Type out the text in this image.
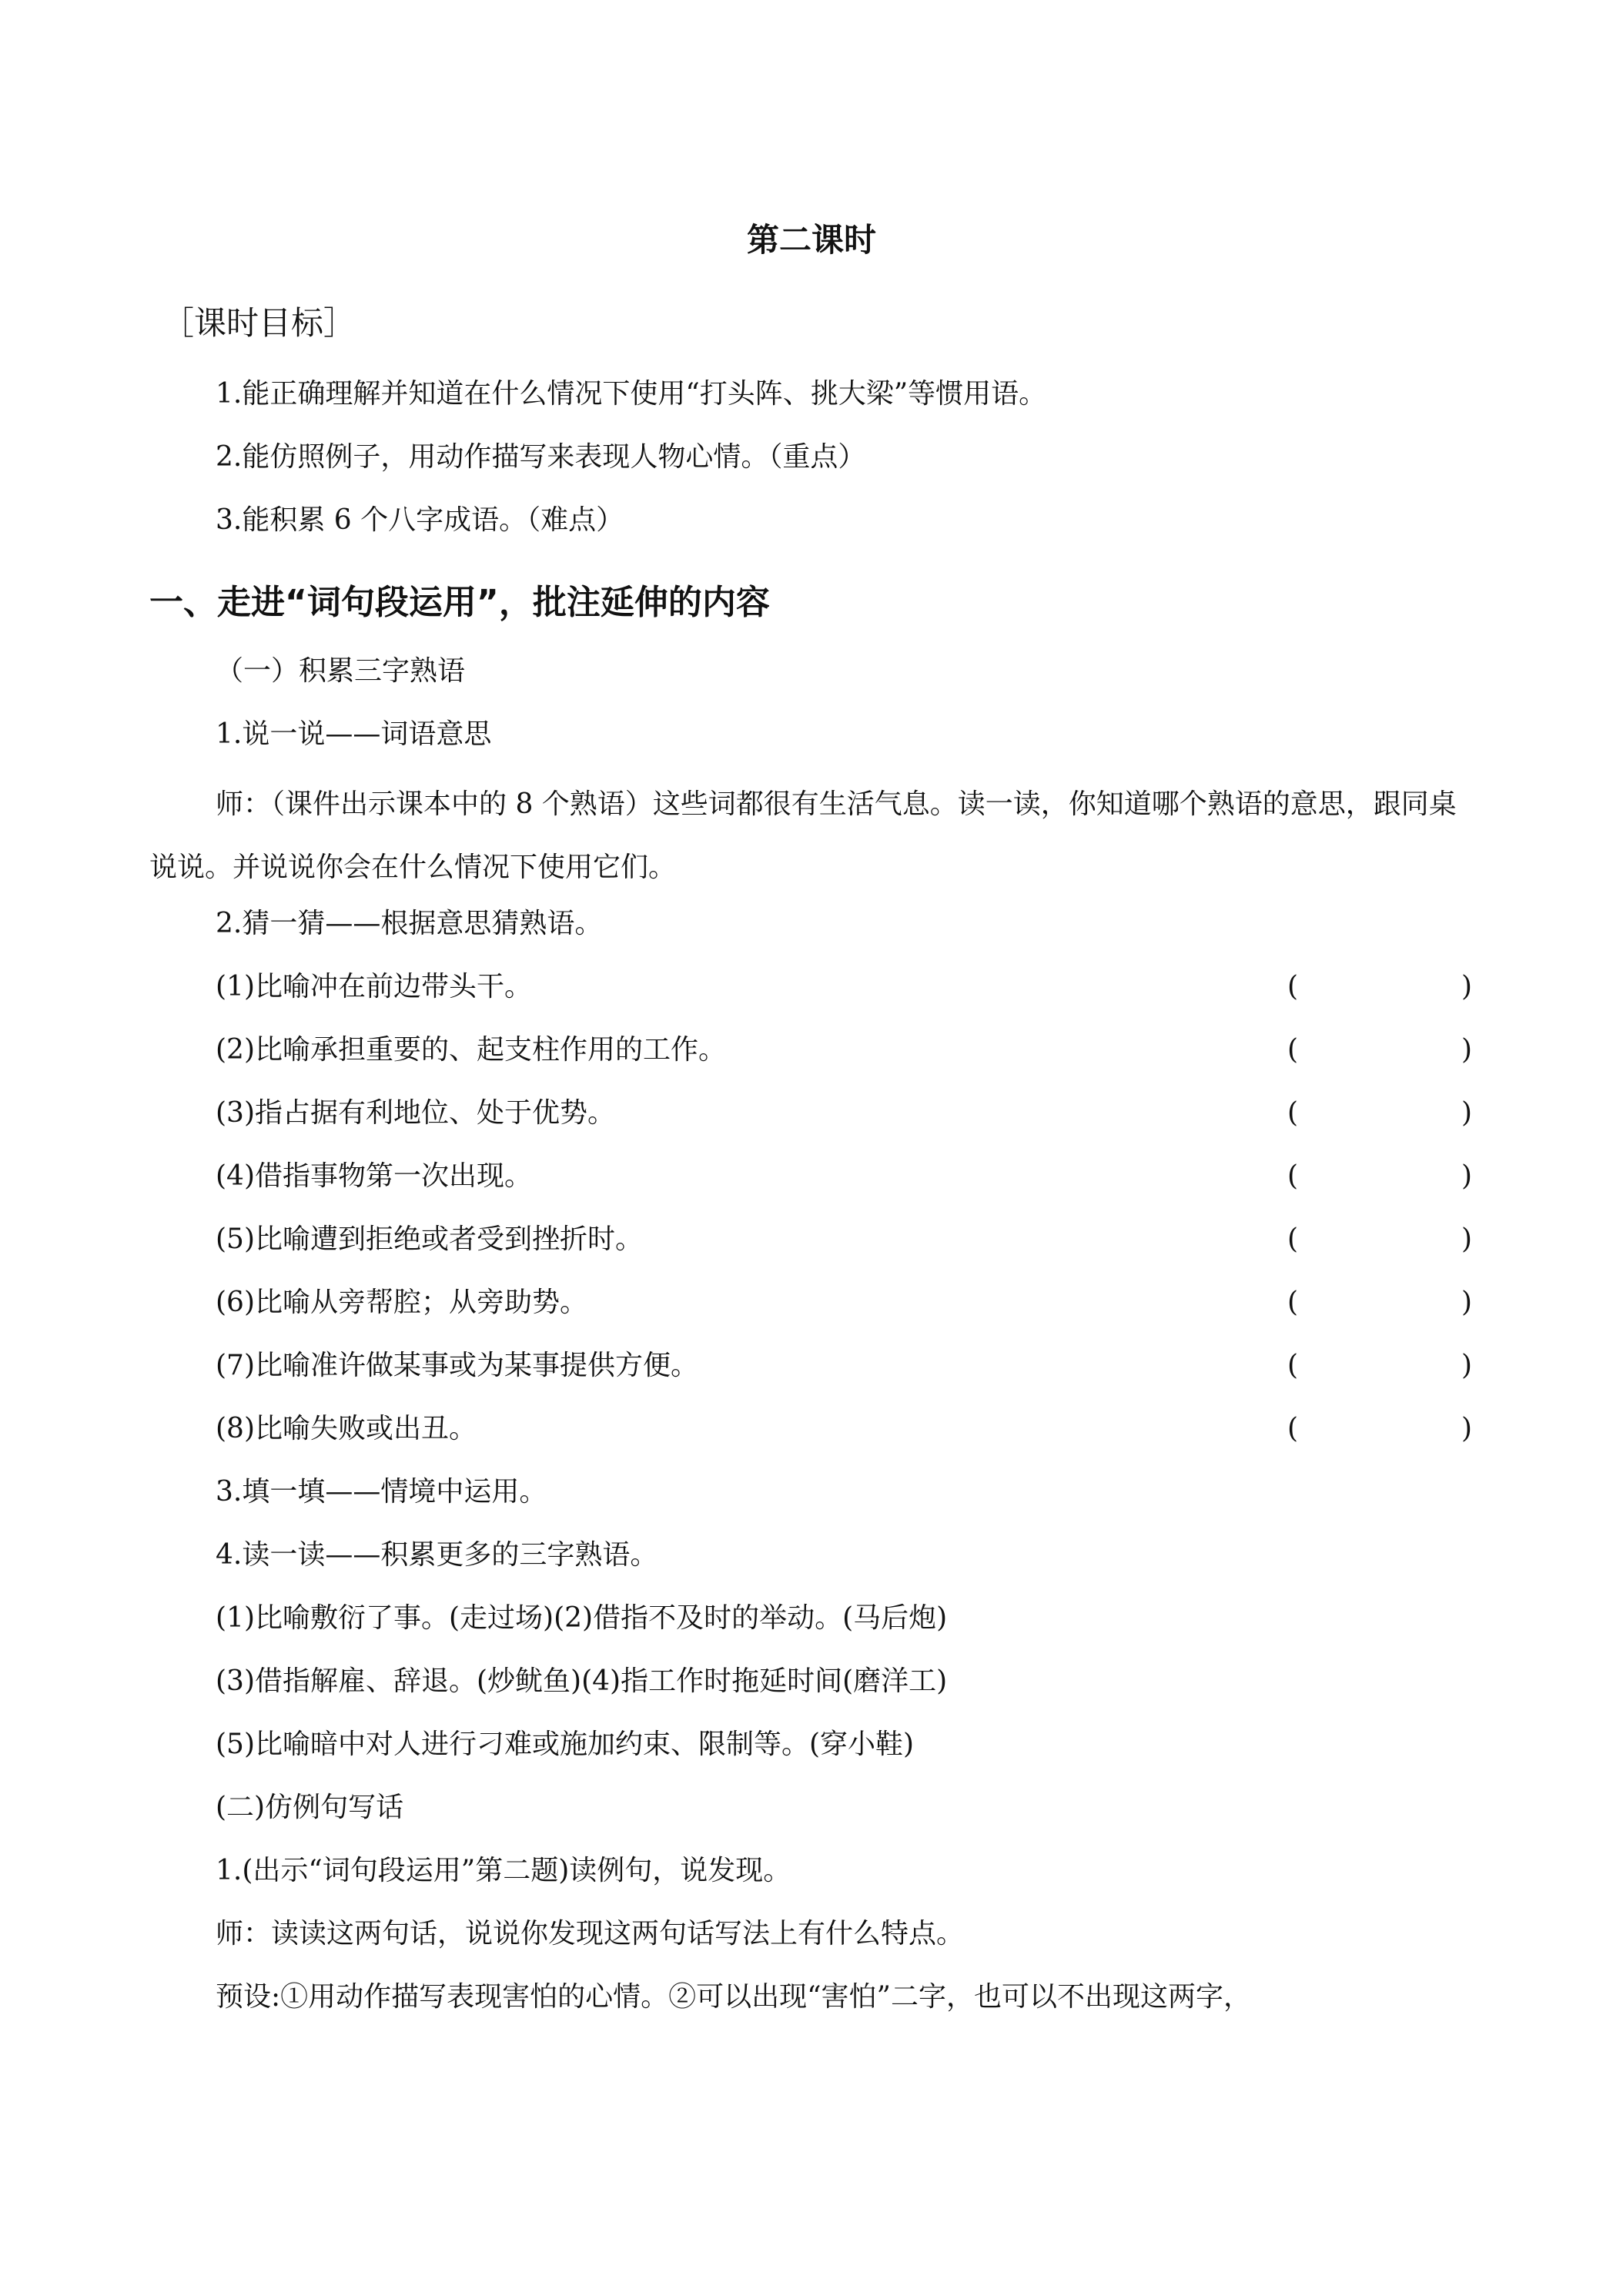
第二课时
［课时目标］
1.能正确理解并知道在什么情况下使用“打头阵、挑大梁”等惯用语。
2.能仿照例子，用动作描写来表现人物心情。（重点）
3.能积累 6 个八字成语。（难点）
一、走进“词句段运用”，批注延伸的内容
（一）积累三字熟语
1.说一说——词语意思
师：（课件出示课本中的 8 个熟语）这些词都很有生活气息。读一读，你知道哪个熟语的意思，跟同桌说说。并说说你会在什么情况下使用它们。
2.猜一猜——根据意思猜熟语。
(1)比喻冲在前边带头干。	(	)
(2)比喻承担重要的、起支柱作用的工作。	(	)
(3)指占据有利地位、处于优势。	(	)
(4)借指事物第一次出现。	(	)
(5)比喻遭到拒绝或者受到挫折时。	(	)
(6)比喻从旁帮腔；从旁助势。	(	)
(7)比喻准许做某事或为某事提供方便。	(	)
(8)比喻失败或出丑。	(	)
3.填一填——情境中运用。
4.读一读——积累更多的三字熟语。
(1)比喻敷衍了事。(走过场)(2)借指不及时的举动。(马后炮)
(3)借指解雇、辞退。(炒鱿鱼)(4)指工作时拖延时间(磨洋工)
(5)比喻暗中对人进行刁难或施加约束、限制等。(穿小鞋)
(二)仿例句写话
1.(出示“词句段运用”第二题)读例句，说发现。
师：读读这两句话，说说你发现这两句话写法上有什么特点。
预设:①用动作描写表现害怕的心情。②可以出现“害怕”二字，也可以不出现这两字，
